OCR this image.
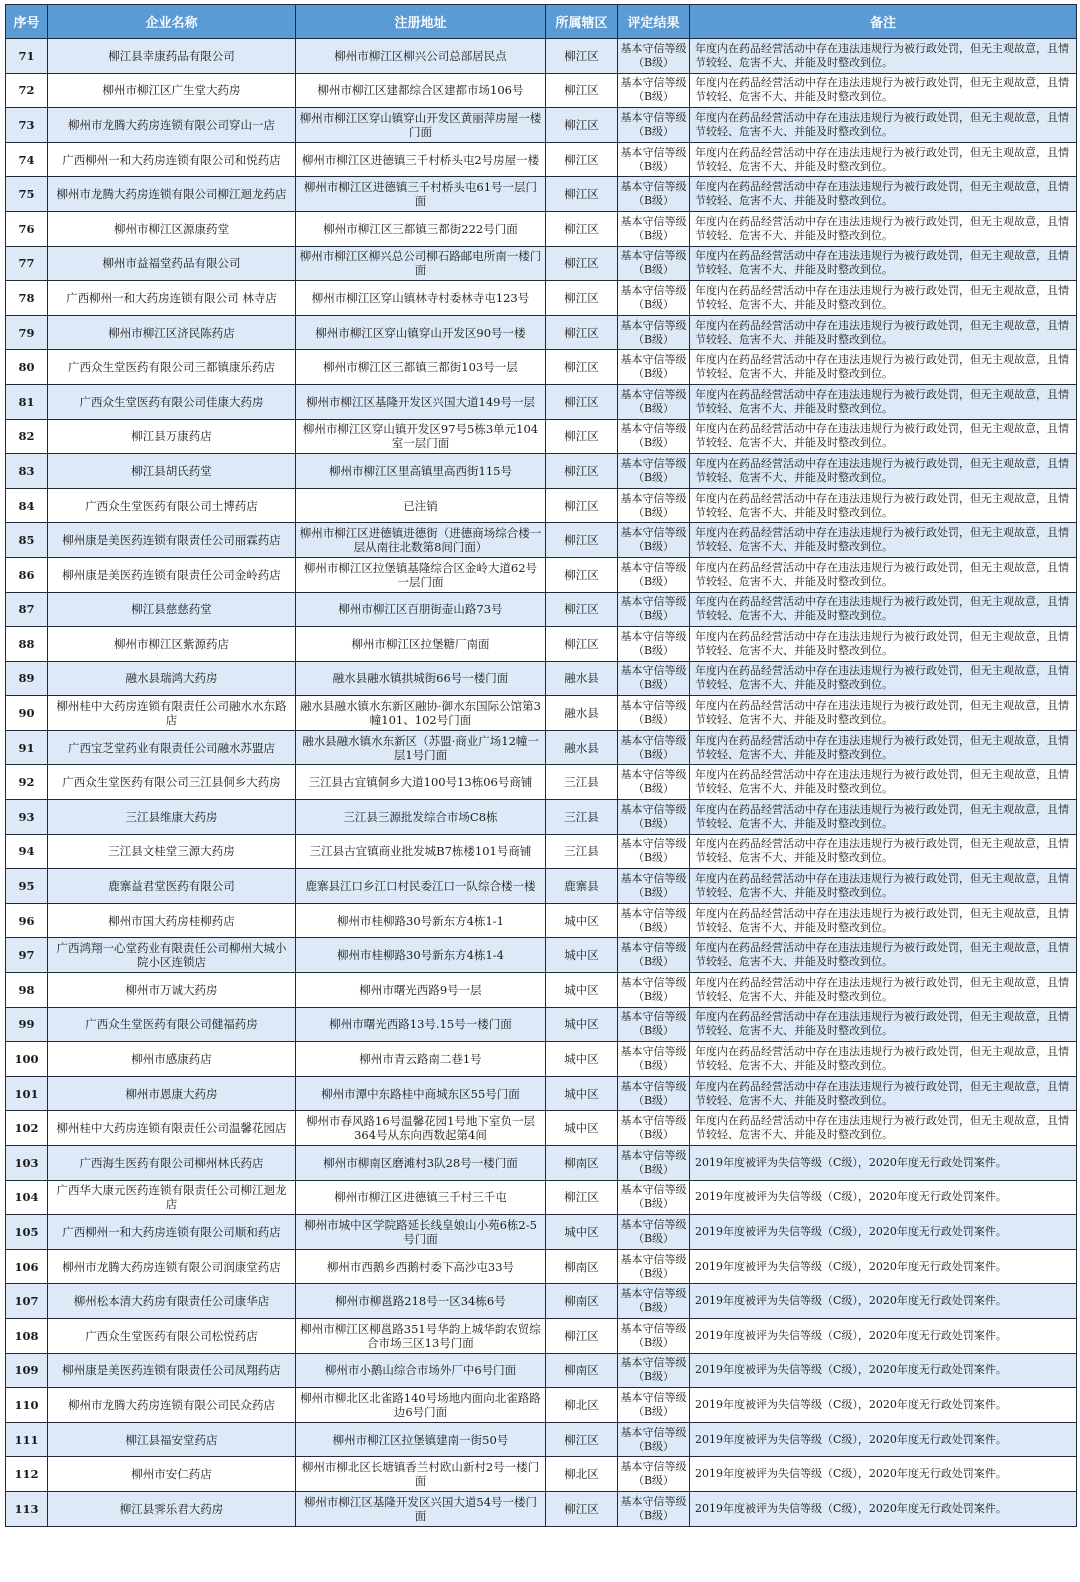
序号	企业名称	注册地址	所属辖区	评定结果	备注
71	柳江县幸康药品有限公司	柳州市柳江区柳兴公司总部居民点	柳江区	基本守信等级（B级）	年度内在药品经营活动中存在违法违规行为被行政处罚，但无主观故意，且情节较轻、危害不大、并能及时整改到位。
72	柳州市柳江区广生堂大药房	柳州市柳江区建都综合区建都市场106号	柳江区	基本守信等级（B级）	年度内在药品经营活动中存在违法违规行为被行政处罚，但无主观故意，且情节较轻、危害不大、并能及时整改到位。
73	柳州市龙腾大药房连锁有限公司穿山一店	柳州市柳江区穿山镇穿山开发区黄丽萍房屋一楼门面	柳江区	基本守信等级（B级）	年度内在药品经营活动中存在违法违规行为被行政处罚，但无主观故意，且情节较轻、危害不大、并能及时整改到位。
74	广西柳州一和大药房连锁有限公司和悦药店	柳州市柳江区进德镇三千村桥头屯2号房屋一楼	柳江区	基本守信等级（B级）	年度内在药品经营活动中存在违法违规行为被行政处罚，但无主观故意，且情节较轻、危害不大、并能及时整改到位。
75	柳州市龙腾大药房连锁有限公司柳江迴龙药店	柳州市柳江区进德镇三千村桥头屯61号一层门面	柳江区	基本守信等级（B级）	年度内在药品经营活动中存在违法违规行为被行政处罚，但无主观故意，且情节较轻、危害不大、并能及时整改到位。
76	柳州市柳江区源康药堂	柳州市柳江区三都镇三都街222号门面	柳江区	基本守信等级（B级）	年度内在药品经营活动中存在违法违规行为被行政处罚，但无主观故意，且情节较轻、危害不大、并能及时整改到位。
77	柳州市益福堂药品有限公司	柳州市柳江区柳兴总公司柳石路邮电所南一楼门面	柳江区	基本守信等级（B级）	年度内在药品经营活动中存在违法违规行为被行政处罚，但无主观故意，且情节较轻、危害不大、并能及时整改到位。
78	广西柳州一和大药房连锁有限公司 林寺店	柳州市柳江区穿山镇林寺村委林寺屯123号	柳江区	基本守信等级（B级）	年度内在药品经营活动中存在违法违规行为被行政处罚，但无主观故意，且情节较轻、危害不大、并能及时整改到位。
79	柳州市柳江区济民陈药店	柳州市柳江区穿山镇穿山开发区90号一楼	柳江区	基本守信等级（B级）	年度内在药品经营活动中存在违法违规行为被行政处罚，但无主观故意，且情节较轻、危害不大、并能及时整改到位。
80	广西众生堂医药有限公司三都镇康乐药店	柳州市柳江区三都镇三都街103号一层	柳江区	基本守信等级（B级）	年度内在药品经营活动中存在违法违规行为被行政处罚，但无主观故意，且情节较轻、危害不大、并能及时整改到位。
81	广西众生堂医药有限公司佳康大药房	柳州市柳江区基隆开发区兴国大道149号一层	柳江区	基本守信等级（B级）	年度内在药品经营活动中存在违法违规行为被行政处罚，但无主观故意，且情节较轻、危害不大、并能及时整改到位。
82	柳江县万康药店	柳州市柳江区穿山镇开发区97号5栋3单元104室一层门面	柳江区	基本守信等级（B级）	年度内在药品经营活动中存在违法违规行为被行政处罚，但无主观故意，且情节较轻、危害不大、并能及时整改到位。
83	柳江县胡氏药堂	柳州市柳江区里高镇里高西街115号	柳江区	基本守信等级（B级）	年度内在药品经营活动中存在违法违规行为被行政处罚，但无主观故意，且情节较轻、危害不大、并能及时整改到位。
84	广西众生堂医药有限公司土博药店	已注销	柳江区	基本守信等级（B级）	年度内在药品经营活动中存在违法违规行为被行政处罚，但无主观故意，且情节较轻、危害不大、并能及时整改到位。
85	柳州康是美医药连锁有限责任公司丽霖药店	柳州市柳江区进德镇进德街（进德商场综合楼一层从南往北数第8间门面）	柳江区	基本守信等级（B级）	年度内在药品经营活动中存在违法违规行为被行政处罚，但无主观故意，且情节较轻、危害不大、并能及时整改到位。
86	柳州康是美医药连锁有限责任公司金岭药店	柳州市柳江区拉堡镇基隆综合区金岭大道62号一层门面	柳江区	基本守信等级（B级）	年度内在药品经营活动中存在违法违规行为被行政处罚，但无主观故意，且情节较轻、危害不大、并能及时整改到位。
87	柳江县慈慈药堂	柳州市柳江区百朋街壶山路73号	柳江区	基本守信等级（B级）	年度内在药品经营活动中存在违法违规行为被行政处罚，但无主观故意，且情节较轻、危害不大、并能及时整改到位。
88	柳州市柳江区紫源药店	柳州市柳江区拉堡糖厂南面	柳江区	基本守信等级（B级）	年度内在药品经营活动中存在违法违规行为被行政处罚，但无主观故意，且情节较轻、危害不大、并能及时整改到位。
89	融水县瑞鸿大药房	融水县融水镇拱城街66号一楼门面	融水县	基本守信等级（B级）	年度内在药品经营活动中存在违法违规行为被行政处罚，但无主观故意，且情节较轻、危害不大、并能及时整改到位。
90	柳州桂中大药房连锁有限责任公司融水水东路店	融水县融水镇水东新区融协·御水东国际公馆第3幢101、102号门面	融水县	基本守信等级（B级）	年度内在药品经营活动中存在违法违规行为被行政处罚，但无主观故意，且情节较轻、危害不大、并能及时整改到位。
91	广西宝芝堂药业有限责任公司融水苏盟店	融水县融水镇水东新区（苏盟·商业广场12幢一层1号门面	融水县	基本守信等级（B级）	年度内在药品经营活动中存在违法违规行为被行政处罚，但无主观故意，且情节较轻、危害不大、并能及时整改到位。
92	广西众生堂医药有限公司三江县侗乡大药房	三江县古宜镇侗乡大道100号13栋06号商铺	三江县	基本守信等级（B级）	年度内在药品经营活动中存在违法违规行为被行政处罚，但无主观故意，且情节较轻、危害不大、并能及时整改到位。
93	三江县维康大药房	三江县三源批发综合市场C8栋	三江县	基本守信等级（B级）	年度内在药品经营活动中存在违法违规行为被行政处罚，但无主观故意，且情节较轻、危害不大、并能及时整改到位。
94	三江县文桂堂三源大药房	三江县古宜镇商业批发城B7栋楼101号商铺	三江县	基本守信等级（B级）	年度内在药品经营活动中存在违法违规行为被行政处罚，但无主观故意，且情节较轻、危害不大、并能及时整改到位。
95	鹿寨益君堂医药有限公司	鹿寨县江口乡江口村民委江口一队综合楼一楼	鹿寨县	基本守信等级（B级）	年度内在药品经营活动中存在违法违规行为被行政处罚，但无主观故意，且情节较轻、危害不大、并能及时整改到位。
96	柳州市国大药房桂柳药店	柳州市桂柳路30号新东方4栋1-1	城中区	基本守信等级（B级）	年度内在药品经营活动中存在违法违规行为被行政处罚，但无主观故意，且情节较轻、危害不大、并能及时整改到位。
97	广西鸿翔一心堂药业有限责任公司柳州大城小院小区连锁店	柳州市桂柳路30号新东方4栋1-4	城中区	基本守信等级（B级）	年度内在药品经营活动中存在违法违规行为被行政处罚，但无主观故意，且情节较轻、危害不大、并能及时整改到位。
98	柳州市万诚大药房	柳州市曙光西路9号一层	城中区	基本守信等级（B级）	年度内在药品经营活动中存在违法违规行为被行政处罚，但无主观故意，且情节较轻、危害不大、并能及时整改到位。
99	广西众生堂医药有限公司健福药房	柳州市曙光西路13号.15号一楼门面	城中区	基本守信等级（B级）	年度内在药品经营活动中存在违法违规行为被行政处罚，但无主观故意，且情节较轻、危害不大、并能及时整改到位。
100	柳州市感康药店	柳州市青云路南二巷1号	城中区	基本守信等级（B级）	年度内在药品经营活动中存在违法违规行为被行政处罚，但无主观故意，且情节较轻、危害不大、并能及时整改到位。
101	柳州市恩康大药房	柳州市潭中东路桂中商城东区55号门面	城中区	基本守信等级（B级）	年度内在药品经营活动中存在违法违规行为被行政处罚，但无主观故意，且情节较轻、危害不大、并能及时整改到位。
102	柳州桂中大药房连锁有限责任公司温馨花园店	柳州市春风路16号温馨花园1号地下室负一层364号从东向西数起第4间	城中区	基本守信等级（B级）	年度内在药品经营活动中存在违法违规行为被行政处罚，但无主观故意，且情节较轻、危害不大、并能及时整改到位。
103	广西海生医药有限公司柳州林氏药店	柳州市柳南区磨滩村3队28号一楼门面	柳南区	基本守信等级（B级）	2019年度被评为失信等级（C级），2020年度无行政处罚案件。
104	广西华大康元医药连锁有限责任公司柳江迴龙店	柳州市柳江区进德镇三千村三千屯	柳江区	基本守信等级（B级）	2019年度被评为失信等级（C级），2020年度无行政处罚案件。
105	广西柳州一和大药房连锁有限公司顺和药店	柳州市城中区学院路延长线皇娘山小苑6栋2-5号门面	城中区	基本守信等级（B级）	2019年度被评为失信等级（C级），2020年度无行政处罚案件。
106	柳州市龙腾大药房连锁有限公司润康堂药店	柳州市西鹅乡西鹅村委下高沙屯33号	柳南区	基本守信等级（B级）	2019年度被评为失信等级（C级），2020年度无行政处罚案件。
107	柳州松本清大药房有限责任公司康华店	柳州市柳邕路218号一区34栋6号	柳南区	基本守信等级（B级）	2019年度被评为失信等级（C级），2020年度无行政处罚案件。
108	广西众生堂医药有限公司松悦药店	柳州市柳江区柳邕路351号华韵上城华韵农贸综合市场三区13号门面	柳江区	基本守信等级（B级）	2019年度被评为失信等级（C级），2020年度无行政处罚案件。
109	柳州康是美医药连锁有限责任公司凤翔药店	柳州市小鹅山综合市场外厂中6号门面	柳南区	基本守信等级（B级）	2019年度被评为失信等级（C级），2020年度无行政处罚案件。
110	柳州市龙腾大药房连锁有限公司民众药店	柳州市柳北区北雀路140号场地内面向北雀路路边6号门面	柳北区	基本守信等级（B级）	2019年度被评为失信等级（C级），2020年度无行政处罚案件。
111	柳江县福安堂药店	柳州市柳江区拉堡镇建南一街50号	柳江区	基本守信等级（B级）	2019年度被评为失信等级（C级），2020年度无行政处罚案件。
112	柳州市安仁药店	柳州市柳北区长塘镇香兰村欧山新村2号一楼门面	柳北区	基本守信等级（B级）	2019年度被评为失信等级（C级），2020年度无行政处罚案件。
113	柳江县霁乐君大药房	柳州市柳江区基隆开发区兴国大道54号一楼门面	柳江区	基本守信等级（B级）	2019年度被评为失信等级（C级），2020年度无行政处罚案件。
